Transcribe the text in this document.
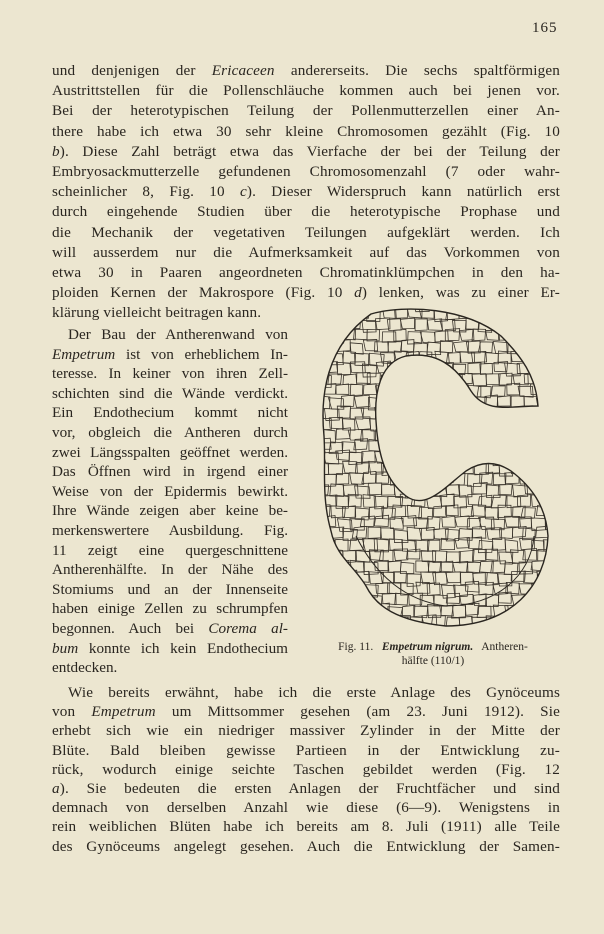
165
und denjenigen der Ericaceen andererseits. Die sechs spaltförmigen
Austrittstellen für die Pollenschläuche kommen auch bei jenen vor.
Bei der heterotypischen Teilung der Pollenmutterzellen einer An-
there habe ich etwa 30 sehr kleine Chromosomen gezählt (Fig. 10
b). Diese Zahl beträgt etwa das Vierfache der bei der Teilung der
Embryosackmutterzelle gefundenen Chromosomenzahl (7 oder wahr-
scheinlicher 8, Fig. 10 c). Dieser Widerspruch kann natürlich erst
durch eingehende Studien über die heterotypische Prophase und
die Mechanik der vegetativen Teilungen aufgeklärt werden. Ich
will ausserdem nur die Aufmerksamkeit auf das Vorkommen von
etwa 30 in Paaren angeordneten Chromatinklümpchen in den ha-
ploiden Kernen der Makrospore (Fig. 10 d) lenken, was zu einer Er-
klärung vielleicht beitragen kann.
Der Bau der Antherenwand von
Empetrum ist von erheblichem In-
teresse. In keiner von ihren Zell-
schichten sind die Wände verdickt.
Ein Endothecium kommt nicht
vor, obgleich die Antheren durch
zwei Längsspalten geöffnet werden.
Das Öffnen wird in irgend einer
Weise von der Epidermis bewirkt.
Ihre Wände zeigen aber keine be-
merkenswertere Ausbildung. Fig.
11 zeigt eine quergeschnittene
Antherenhälfte. In der Nähe des
Stomiums und an der Innenseite
haben einige Zellen zu schrumpfen
begonnen. Auch bei Corema al-
bum konnte ich kein Endothecium
entdecken.
Wie bereits erwähnt, habe ich die erste Anlage des Gynöceums
von Empetrum um Mittsommer gesehen (am 23. Juni 1912). Sie
erhebt sich wie ein niedriger massiver Zylinder in der Mitte der
Blüte. Bald bleiben gewisse Partieen in der Entwicklung zu-
rück, wodurch einige seichte Taschen gebildet werden (Fig. 12
a). Sie bedeuten die ersten Anlagen der Fruchtfächer und sind
demnach von derselben Anzahl wie diese (6—9). Wenigstens in
rein weiblichen Blüten habe ich bereits am 8. Juli (1911) alle Teile
des Gynöceums angelegt gesehen. Auch die Entwicklung der Samen-
Fig. 11. Empetrum nigrum. Antheren-
hälfte (110/1)
